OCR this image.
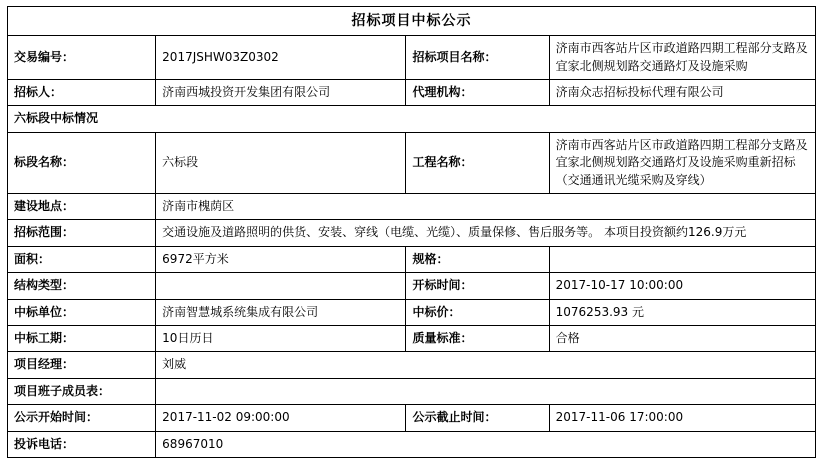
招标项目中标公示			
交易编号：	2017JSHW03Z0302	招标项目名称：	济南市西客站片区市政道路四期工程部分支路及宜家北侧规划路交通路灯及设施采购
招标人：	济南西城投资开发集团有限公司	代理机构：	济南众志招标投标代理有限公司
六标段中标情况			
标段名称：	六标段	工程名称：	济南市西客站片区市政道路四期工程部分支路及宜家北侧规划路交通路灯及设施采购重新招标（交通通讯光缆采购及穿线）
建设地点：	济南市槐荫区		
招标范围：	交通设施及道路照明的供货、安装、穿线（电缆、光缆）、质量保修、售后服务等。 本项目投资额约126.9万元		
面积：	6972平方米	规格：	
结构类型：		开标时间：	2017-10-17 10:00:00
中标单位：	济南智慧城系统集成有限公司	中标价：	1076253.93 元
中标工期：	10日历日	质量标准：	合格
项目经理：	刘威		
项目班子成员表：			
公示开始时间：	2017-11-02 09:00:00	公示截止时间：	2017-11-06 17:00:00
投诉电话：	68967010		
